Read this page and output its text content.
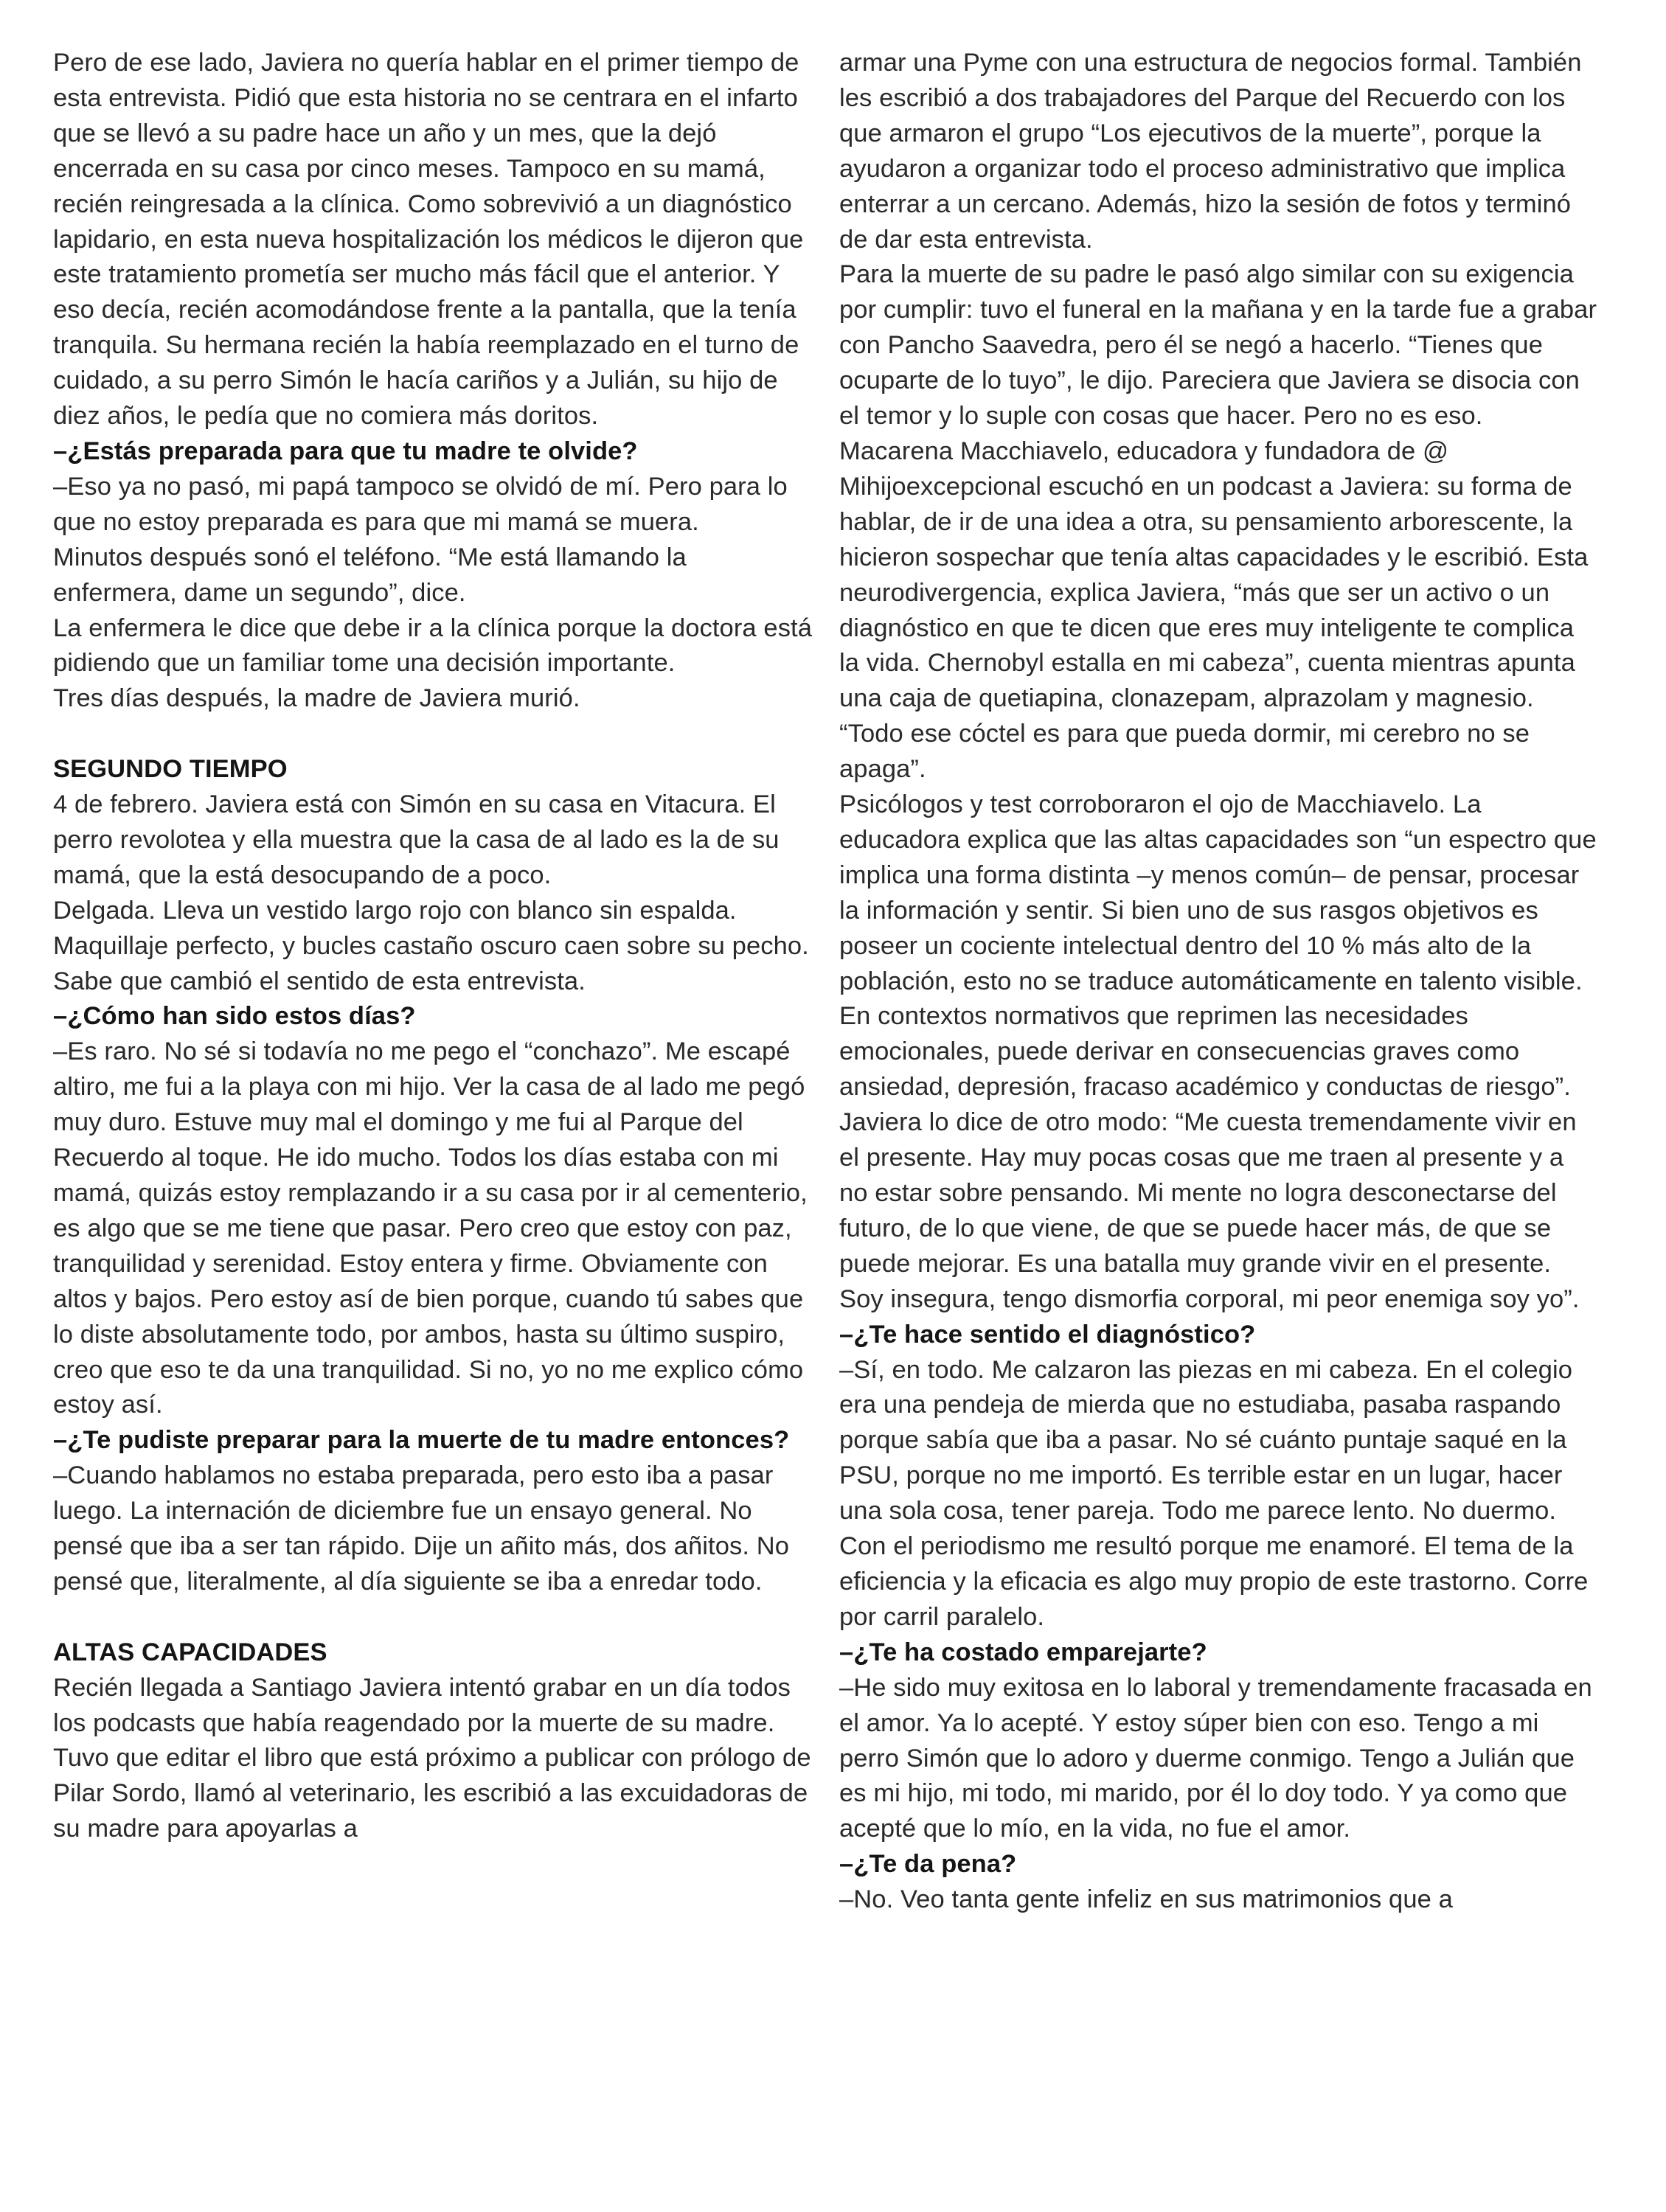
Pero de ese lado, Javiera no quería hablar en el primer tiempo de esta entrevista. Pidió que esta historia no se centrara en el infarto que se llevó a su padre hace un año y un mes, que la dejó encerrada en su casa por cinco meses. Tampoco en su mamá, recién reingresada a la clínica. Como sobrevivió a un diagnóstico lapidario, en esta nueva hospitalización los médicos le dijeron que este tratamiento prometía ser mucho más fácil que el anterior. Y eso decía, recién acomodándose frente a la pantalla, que la tenía tranquila. Su hermana recién la había reemplazado en el turno de cuidado, a su perro Simón le hacía cariños y a Julián, su hijo de diez años, le pedía que no comiera más doritos.

–¿Estás preparada para que tu madre te olvide?

–Eso ya no pasó, mi papá tampoco se olvidó de mí. Pero para lo que no estoy preparada es para que mi mamá se muera.

Minutos después sonó el teléfono. “Me está llamando la enfermera, dame un segundo”, dice.

La enfermera le dice que debe ir a la clínica porque la doctora está pidiendo que un familiar tome una decisión importante.

Tres días después, la madre de Javiera murió.

SEGUNDO TIEMPO

4 de febrero. Javiera está con Simón en su casa en Vitacura. El perro revolotea y ella muestra que la casa de al lado es la de su mamá, que la está desocupando de a poco.

Delgada. Lleva un vestido largo rojo con blanco sin espalda. Maquillaje perfecto, y bucles castaño oscuro caen sobre su pecho. Sabe que cambió el sentido de esta entrevista.

–¿Cómo han sido estos días?

–Es raro. No sé si todavía no me pego el “conchazo”. Me escapé altiro, me fui a la playa con mi hijo. Ver la casa de al lado me pegó muy duro. Estuve muy mal el domingo y me fui al Parque del Recuerdo al toque. He ido mucho. Todos los días estaba con mi mamá, quizás estoy remplazando ir a su casa por ir al cementerio, es algo que se me tiene que pasar. Pero creo que estoy con paz, tranquilidad y serenidad. Estoy entera y firme. Obviamente con altos y bajos. Pero estoy así de bien porque, cuando tú sabes que lo diste absolutamente todo, por ambos, hasta su último suspiro, creo que eso te da una tranquilidad. Si no, yo no me explico cómo estoy así.

–¿Te pudiste preparar para la muerte de tu madre entonces?

–Cuando hablamos no estaba preparada, pero esto iba a pasar luego. La internación de diciembre fue un ensayo general. No pensé que iba a ser tan rápido. Dije un añito más, dos añitos. No pensé que, literalmente, al día siguiente se iba a enredar todo.

ALTAS CAPACIDADES

Recién llegada a Santiago Javiera intentó grabar en un día todos los podcasts que había reagendado por la muerte de su madre. Tuvo que editar el libro que está próximo a publicar con prólogo de Pilar Sordo, llamó al veterinario, les escribió a las excuidadoras de su madre para apoyarlas a

armar una Pyme con una estructura de negocios formal. También les escribió a dos trabajadores del Parque del Recuerdo con los que armaron el grupo “Los ejecutivos de la muerte”, porque la ayudaron a organizar todo el proceso administrativo que implica enterrar a un cercano. Además, hizo la sesión de fotos y terminó de dar esta entrevista.

Para la muerte de su padre le pasó algo similar con su exigencia por cumplir: tuvo el funeral en la mañana y en la tarde fue a grabar con Pancho Saavedra, pero él se negó a hacerlo. “Tienes que ocuparte de lo tuyo”, le dijo. Pareciera que Javiera se disocia con el temor y lo suple con cosas que hacer. Pero no es eso.

Macarena Macchiavelo, educadora y fundadora de @ Mihijoexcepcional escuchó en un podcast a Javiera: su forma de hablar, de ir de una idea a otra, su pensamiento arborescente, la hicieron sospechar que tenía altas capacidades y le escribió. Esta neurodivergencia, explica Javiera, “más que ser un activo o un diagnóstico en que te dicen que eres muy inteligente te complica la vida. Chernobyl estalla en mi cabeza”, cuenta mientras apunta una caja de quetiapina, clonazepam, alprazolam y magnesio. “Todo ese cóctel es para que pueda dormir, mi cerebro no se apaga”.

Psicólogos y test corroboraron el ojo de Macchiavelo. La educadora explica que las altas capacidades son “un espectro que implica una forma distinta –y menos común– de pensar, procesar la información y sentir. Si bien uno de sus rasgos objetivos es poseer un cociente intelectual dentro del 10 % más alto de la población, esto no se traduce automáticamente en talento visible. En contextos normativos que reprimen las necesidades emocionales, puede derivar en consecuencias graves como ansiedad, depresión, fracaso académico y conductas de riesgo”.

Javiera lo dice de otro modo: “Me cuesta tremendamente vivir en el presente. Hay muy pocas cosas que me traen al presente y a no estar sobre pensando. Mi mente no logra desconectarse del futuro, de lo que viene, de que se puede hacer más, de que se puede mejorar. Es una batalla muy grande vivir en el presente. Soy insegura, tengo dismorfia corporal, mi peor enemiga soy yo”.

–¿Te hace sentido el diagnóstico?

–Sí, en todo. Me calzaron las piezas en mi cabeza. En el colegio era una pendeja de mierda que no estudiaba, pasaba raspando porque sabía que iba a pasar. No sé cuánto puntaje saqué en la PSU, porque no me importó. Es terrible estar en un lugar, hacer una sola cosa, tener pareja. Todo me parece lento. No duermo. Con el periodismo me resultó porque me enamoré. El tema de la eficiencia y la eficacia es algo muy propio de este trastorno. Corre por carril paralelo.

–¿Te ha costado emparejarte?

–He sido muy exitosa en lo laboral y tremendamente fracasada en el amor. Ya lo acepté. Y estoy súper bien con eso. Tengo a mi perro Simón que lo adoro y duerme conmigo. Tengo a Julián que es mi hijo, mi todo, mi marido, por él lo doy todo. Y ya como que acepté que lo mío, en la vida, no fue el amor.

–¿Te da pena?

–No. Veo tanta gente infeliz en sus matrimonios que a
